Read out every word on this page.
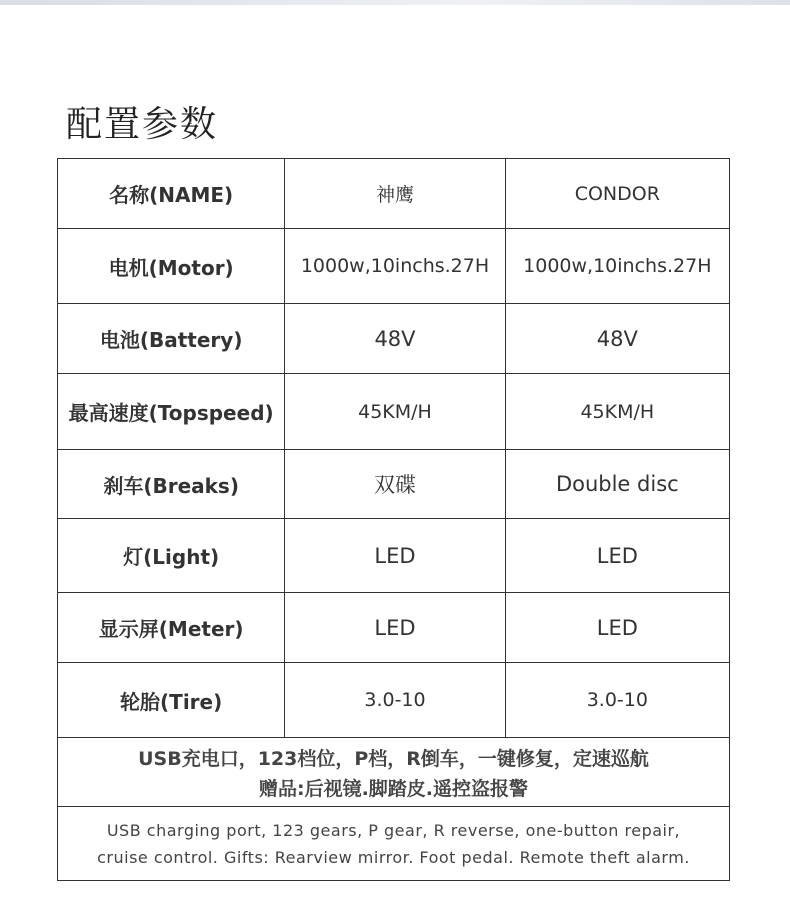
配置参数
名称(NAME)	神鹰	CONDOR
电机(Motor)	1000w,10inchs.27H	1000w,10inchs.27H
电池(Battery)	48V	48V
最高速度(Topspeed)	45KM/H	45KM/H
刹车(Breaks)	双碟	Double disc
灯(Light)	LED	LED
显示屏(Meter)	LED	LED
轮胎(Tire)	3.0-10	3.0-10

USB充电口，123档位，P档，R倒车，一键修复，定速巡航
赠品:后视镜.脚踏皮.遥控盗报警		

USB charging port, 123 gears, P gear, R reverse, one-button repair,
cruise control. Gifts: Rearview mirror. Foot pedal. Remote theft alarm.		
